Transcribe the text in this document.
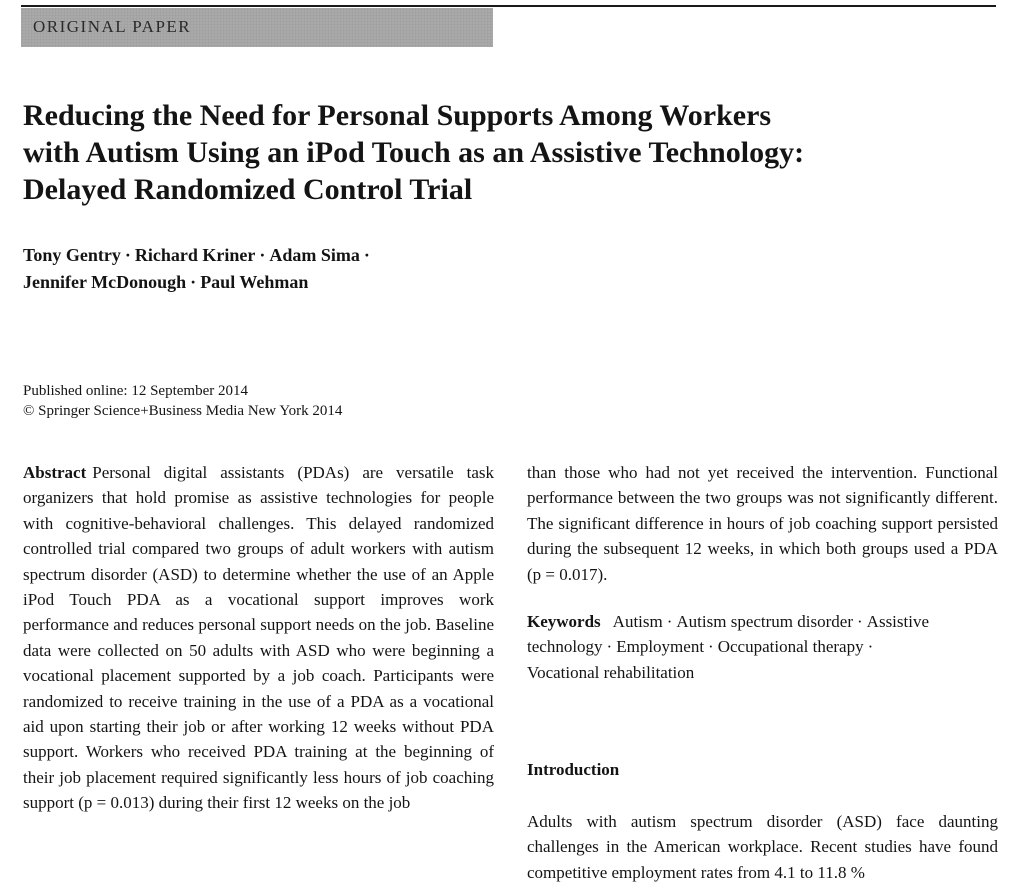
ORIGINAL PAPER
Reducing the Need for Personal Supports Among Workers
with Autism Using an iPod Touch as an Assistive Technology:
Delayed Randomized Control Trial
Tony Gentry · Richard Kriner · Adam Sima ·
Jennifer McDonough · Paul Wehman
Published online: 12 September 2014
© Springer Science+Business Media New York 2014

Abstract Personal digital assistants (PDAs) are versatile task organizers that hold promise as assistive technologies for people with cognitive-behavioral challenges. This delayed randomized controlled trial compared two groups of adult workers with autism spectrum disorder (ASD) to determine whether the use of an Apple iPod Touch PDA as a vocational support improves work performance and reduces personal support needs on the job. Baseline data were collected on 50 adults with ASD who were beginning a vocational placement supported by a job coach. Participants were randomized to receive training in the use of a PDA as a vocational aid upon starting their job or after working 12 weeks without PDA support. Workers who received PDA training at the beginning of their job placement required significantly less hours of job coaching support (p = 0.013) during their first 12 weeks on the job

than those who had not yet received the intervention. Functional performance between the two groups was not significantly different. The significant difference in hours of job coaching support persisted during the subsequent 12 weeks, in which both groups used a PDA (p = 0.017).

Keywords Autism · Autism spectrum disorder · Assistive technology · Employment · Occupational therapy ·
Vocational rehabilitation

Introduction

Adults with autism spectrum disorder (ASD) face daunting challenges in the American workplace. Recent studies have found competitive employment rates from 4.1 to 11.8 %
